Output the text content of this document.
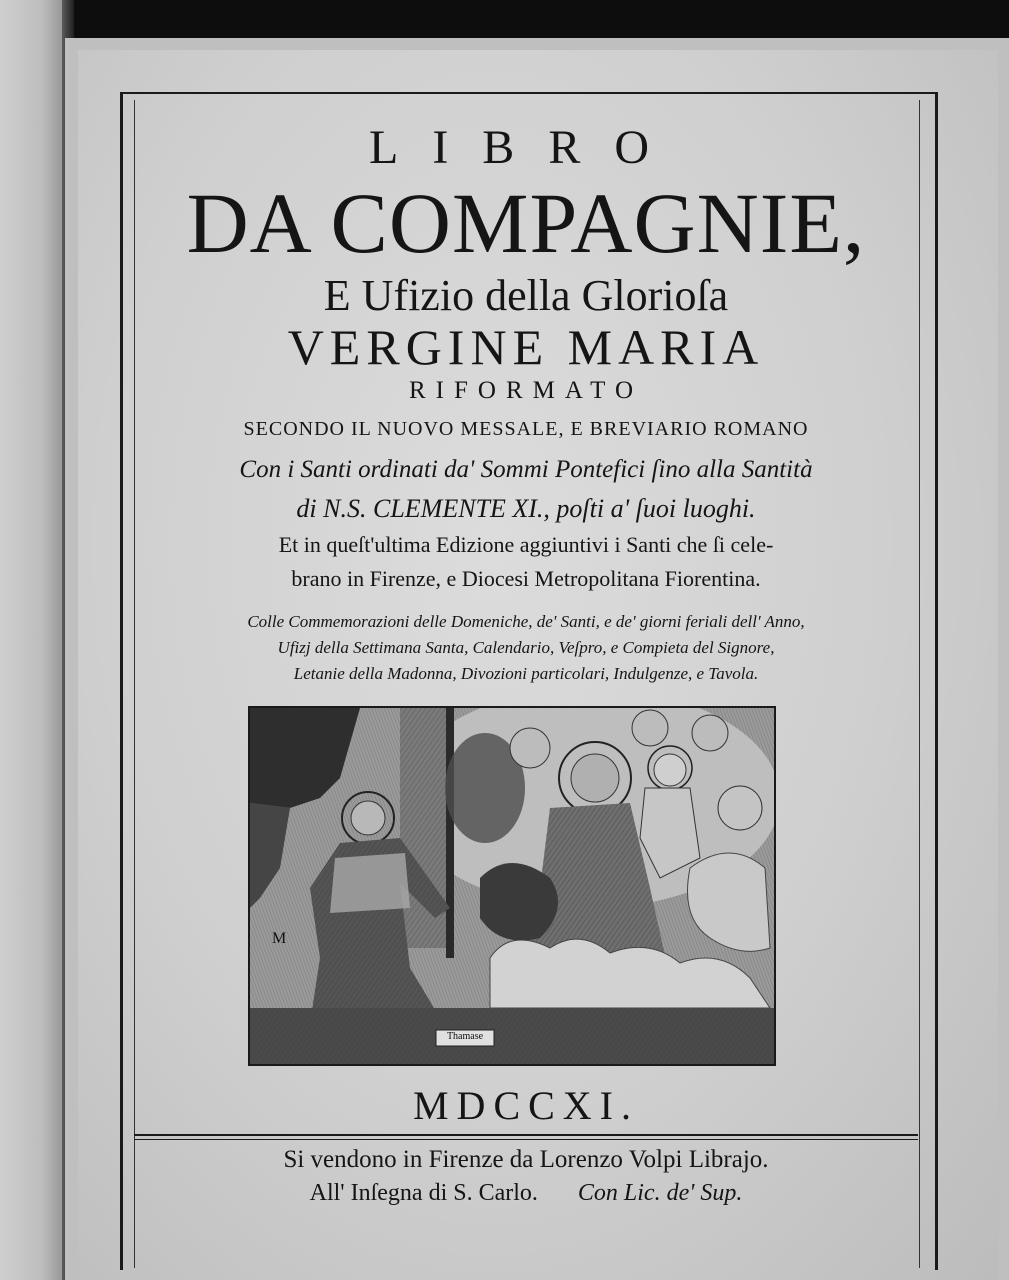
LIBRO
DA COMPAGNIE,
E Ufizio della Glorioſa
VERGINE MARIA
RIFORMATO
SECONDO IL NUOVO MESSALE, E BREVIARIO ROMANO
Con i Santi ordinati da' Sommi Pontefici ſino alla Santità
di N.S. CLEMENTE XI., poſti a' ſuoi luoghi.
Et in queſt'ultima Edizione aggiuntivi i Santi che ſi cele-
brano in Firenze, e Diocesi Metropolitana Fiorentina.
Colle Commemorazioni delle Domeniche, de' Santi, e de' giorni feriali dell' Anno,
Ufizj della Settimana Santa, Calendario, Veſpro, e Compieta del Signore,
Letanie della Madonna, Divozioni particolari, Indulgenze, e Tavola.
M
Thamase
MDCCXI.
Si vendono in Firenze da Lorenzo Volpi Librajo.
All' Inſegna di S. Carlo. Con Lic. de' Sup.
